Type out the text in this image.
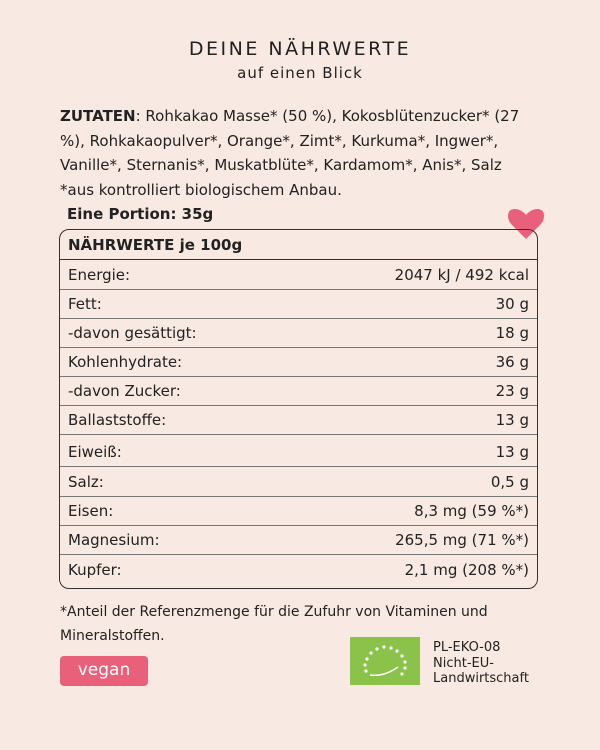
DEINE NÄHRWERTE
auf einen Blick
ZUTATEN: Rohkakao Masse* (50 %), Kokosblütenzucker* (27 %), Rohkakaopulver*, Orange*, Zimt*, Kurkuma*, Ingwer*, Vanille*, Sternanis*, Muskatblüte*, Kardamom*, Anis*, Salz
*aus kontrolliert biologischem Anbau.
Eine Portion: 35g
NÄHRWERTE je 100g
Energie:	2047 kJ / 492 kcal
Fett:	30 g
-davon gesättigt:	18 g
Kohlenhydrate:	36 g
-davon Zucker:	23 g
Ballaststoffe:	13 g
Eiweiß:	13 g
Salz:	0,5 g
Eisen:	8,3 mg (59 %*)
Magnesium:	265,5 mg (71 %*)
Kupfer:	2,1 mg (208 %*)
*Anteil der Referenzmenge für die Zufuhr von Vitaminen und Mineralstoffen.
vegan
PL-EKO-08
Nicht-EU-
Landwirtschaft
